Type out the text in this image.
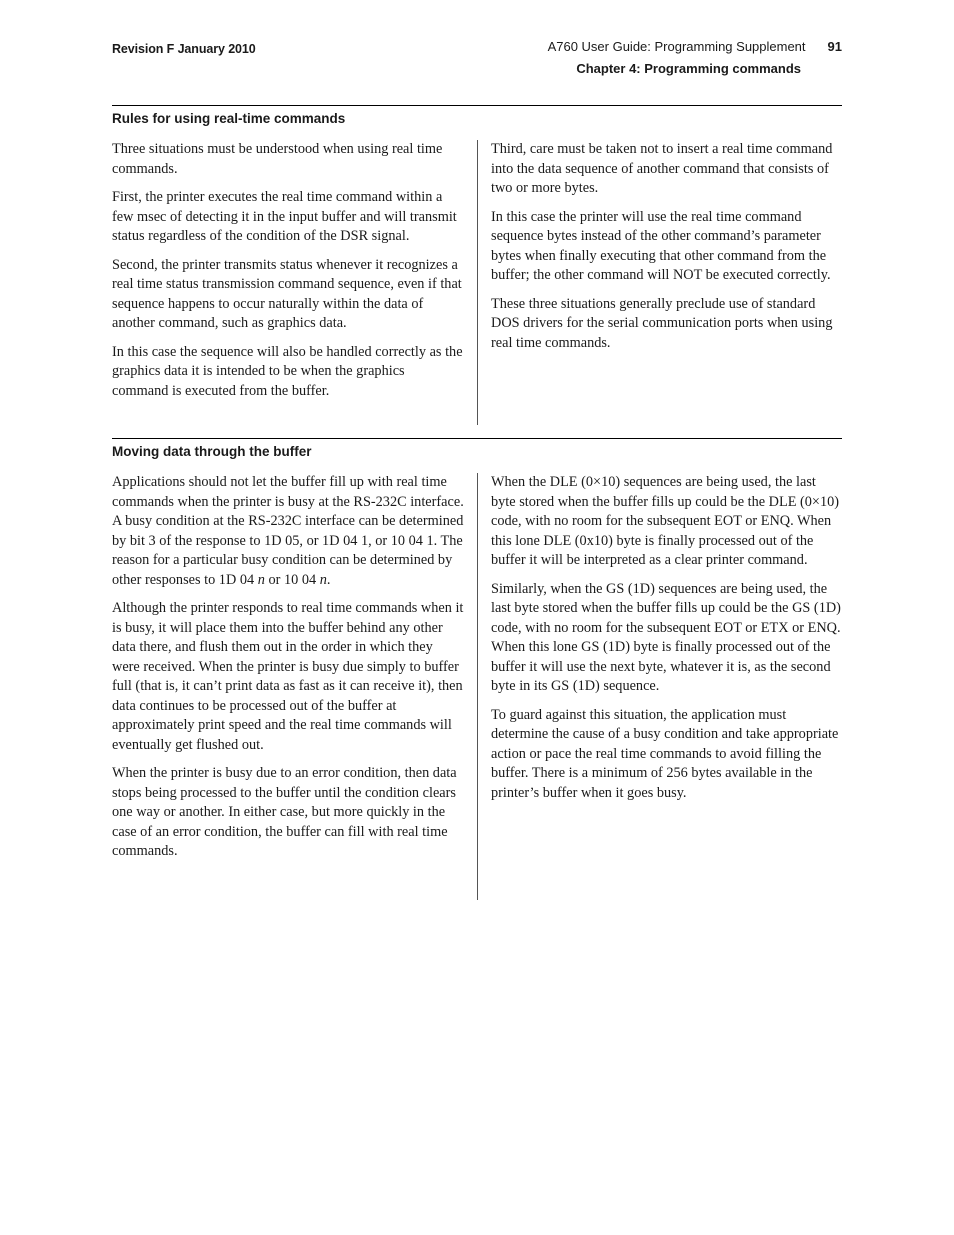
Revision F January 2010	A760 User Guide: Programming Supplement 91
Chapter 4: Programming commands
Rules for using real-time commands

Three situations must be understood when using real time commands.

First, the printer executes the real time command within a few msec of detecting it in the input buffer and will transmit status regardless of the condition of the DSR signal.

Second, the printer transmits status whenever it recognizes a real time status transmission command sequence, even if that sequence happens to occur naturally within the data of another command, such as graphics data.

In this case the sequence will also be handled correctly as the graphics data it is intended to be when the graphics command is executed from the buffer.

Third, care must be taken not to insert a real time command into the data sequence of another command that consists of two or more bytes.

In this case the printer will use the real time command sequence bytes instead of the other command’s parameter bytes when finally executing that other command from the buffer; the other command will NOT be executed correctly.

These three situations generally preclude use of standard DOS drivers for the serial communication ports when using real time commands.

Moving data through the buffer

Applications should not let the buffer fill up with real time commands when the printer is busy at the RS-232C interface. A busy condition at the RS-232C interface can be determined by bit 3 of the response to 1D 05, or 1D 04 1, or 10 04 1. The reason for a particular busy condition can be determined by other responses to 1D 04 n or 10 04 n.

Although the printer responds to real time commands when it is busy, it will place them into the buffer behind any other data there, and flush them out in the order in which they were received. When the printer is busy due simply to buffer full (that is, it can’t print data as fast as it can receive it), then data continues to be processed out of the buffer at approximately print speed and the real time commands will eventually get flushed out.

When the printer is busy due to an error condition, then data stops being processed to the buffer until the condition clears one way or another. In either case, but more quickly in the case of an error condition, the buffer can fill with real time commands.

When the DLE (0×10) sequences are being used, the last byte stored when the buffer fills up could be the DLE (0×10) code, with no room for the subsequent EOT or ENQ. When this lone DLE (0x10) byte is finally processed out of the buffer it will be interpreted as a clear printer command.

Similarly, when the GS (1D) sequences are being used, the last byte stored when the buffer fills up could be the GS (1D) code, with no room for the subsequent EOT or ETX or ENQ. When this lone GS (1D) byte is finally processed out of the buffer it will use the next byte, whatever it is, as the second byte in its GS (1D) sequence.

To guard against this situation, the application must determine the cause of a busy condition and take appropriate action or pace the real time commands to avoid filling the buffer. There is a minimum of 256 bytes available in the printer’s buffer when it goes busy.
